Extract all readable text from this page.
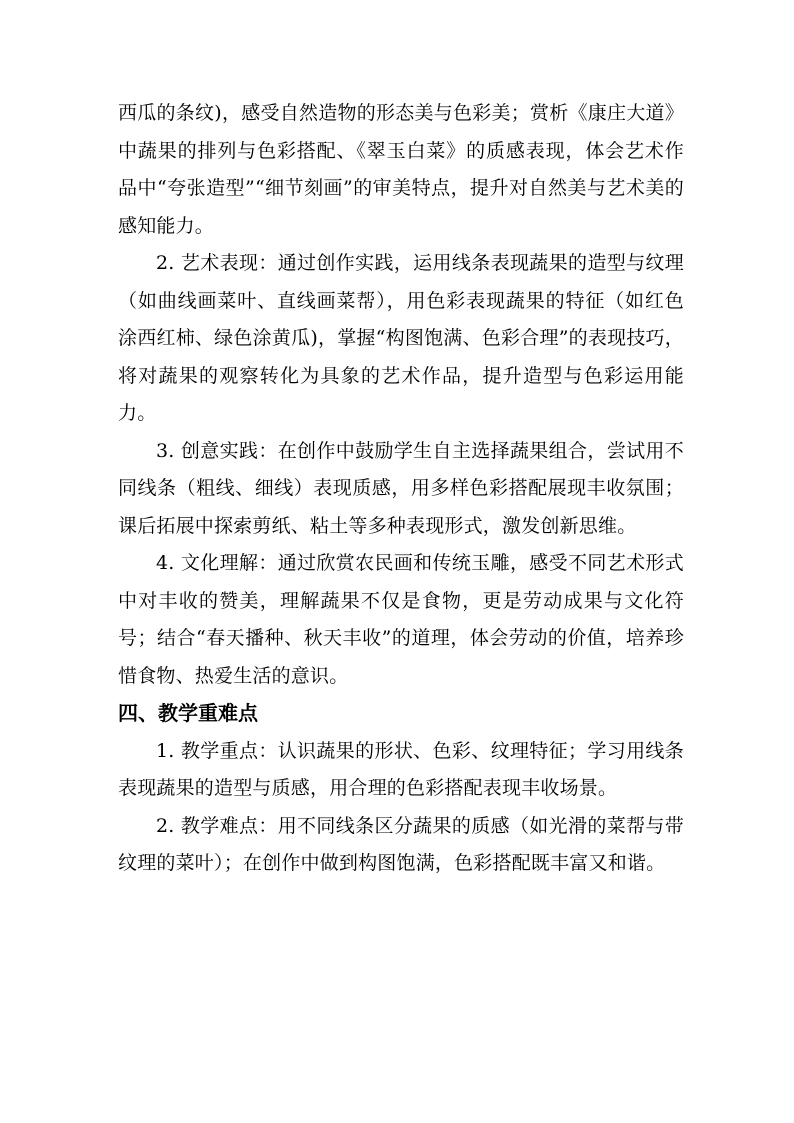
西瓜的条纹)，感受自然造物的形态美与色彩美；赏析《康庄大道》中蔬果的排列与色彩搭配、《翠玉白菜》的质感表现，体会艺术作品中“夸张造型”“细节刻画”的审美特点，提升对自然美与艺术美的感知能力。

2. 艺术表现：通过创作实践，运用线条表现蔬果的造型与纹理（如曲线画菜叶、直线画菜帮），用色彩表现蔬果的特征（如红色涂西红柿、绿色涂黄瓜)，掌握“构图饱满、色彩合理”的表现技巧，将对蔬果的观察转化为具象的艺术作品，提升造型与色彩运用能力。

3. 创意实践：在创作中鼓励学生自主选择蔬果组合，尝试用不同线条（粗线、细线）表现质感，用多样色彩搭配展现丰收氛围；课后拓展中探索剪纸、粘土等多种表现形式，激发创新思维。

4. 文化理解：通过欣赏农民画和传统玉雕，感受不同艺术形式中对丰收的赞美，理解蔬果不仅是食物，更是劳动成果与文化符号；结合“春天播种、秋天丰收”的道理，体会劳动的价值，培养珍惜食物、热爱生活的意识。

四、教学重难点

1. 教学重点：认识蔬果的形状、色彩、纹理特征；学习用线条表现蔬果的造型与质感，用合理的色彩搭配表现丰收场景。

2. 教学难点：用不同线条区分蔬果的质感（如光滑的菜帮与带纹理的菜叶）；在创作中做到构图饱满，色彩搭配既丰富又和谐。
